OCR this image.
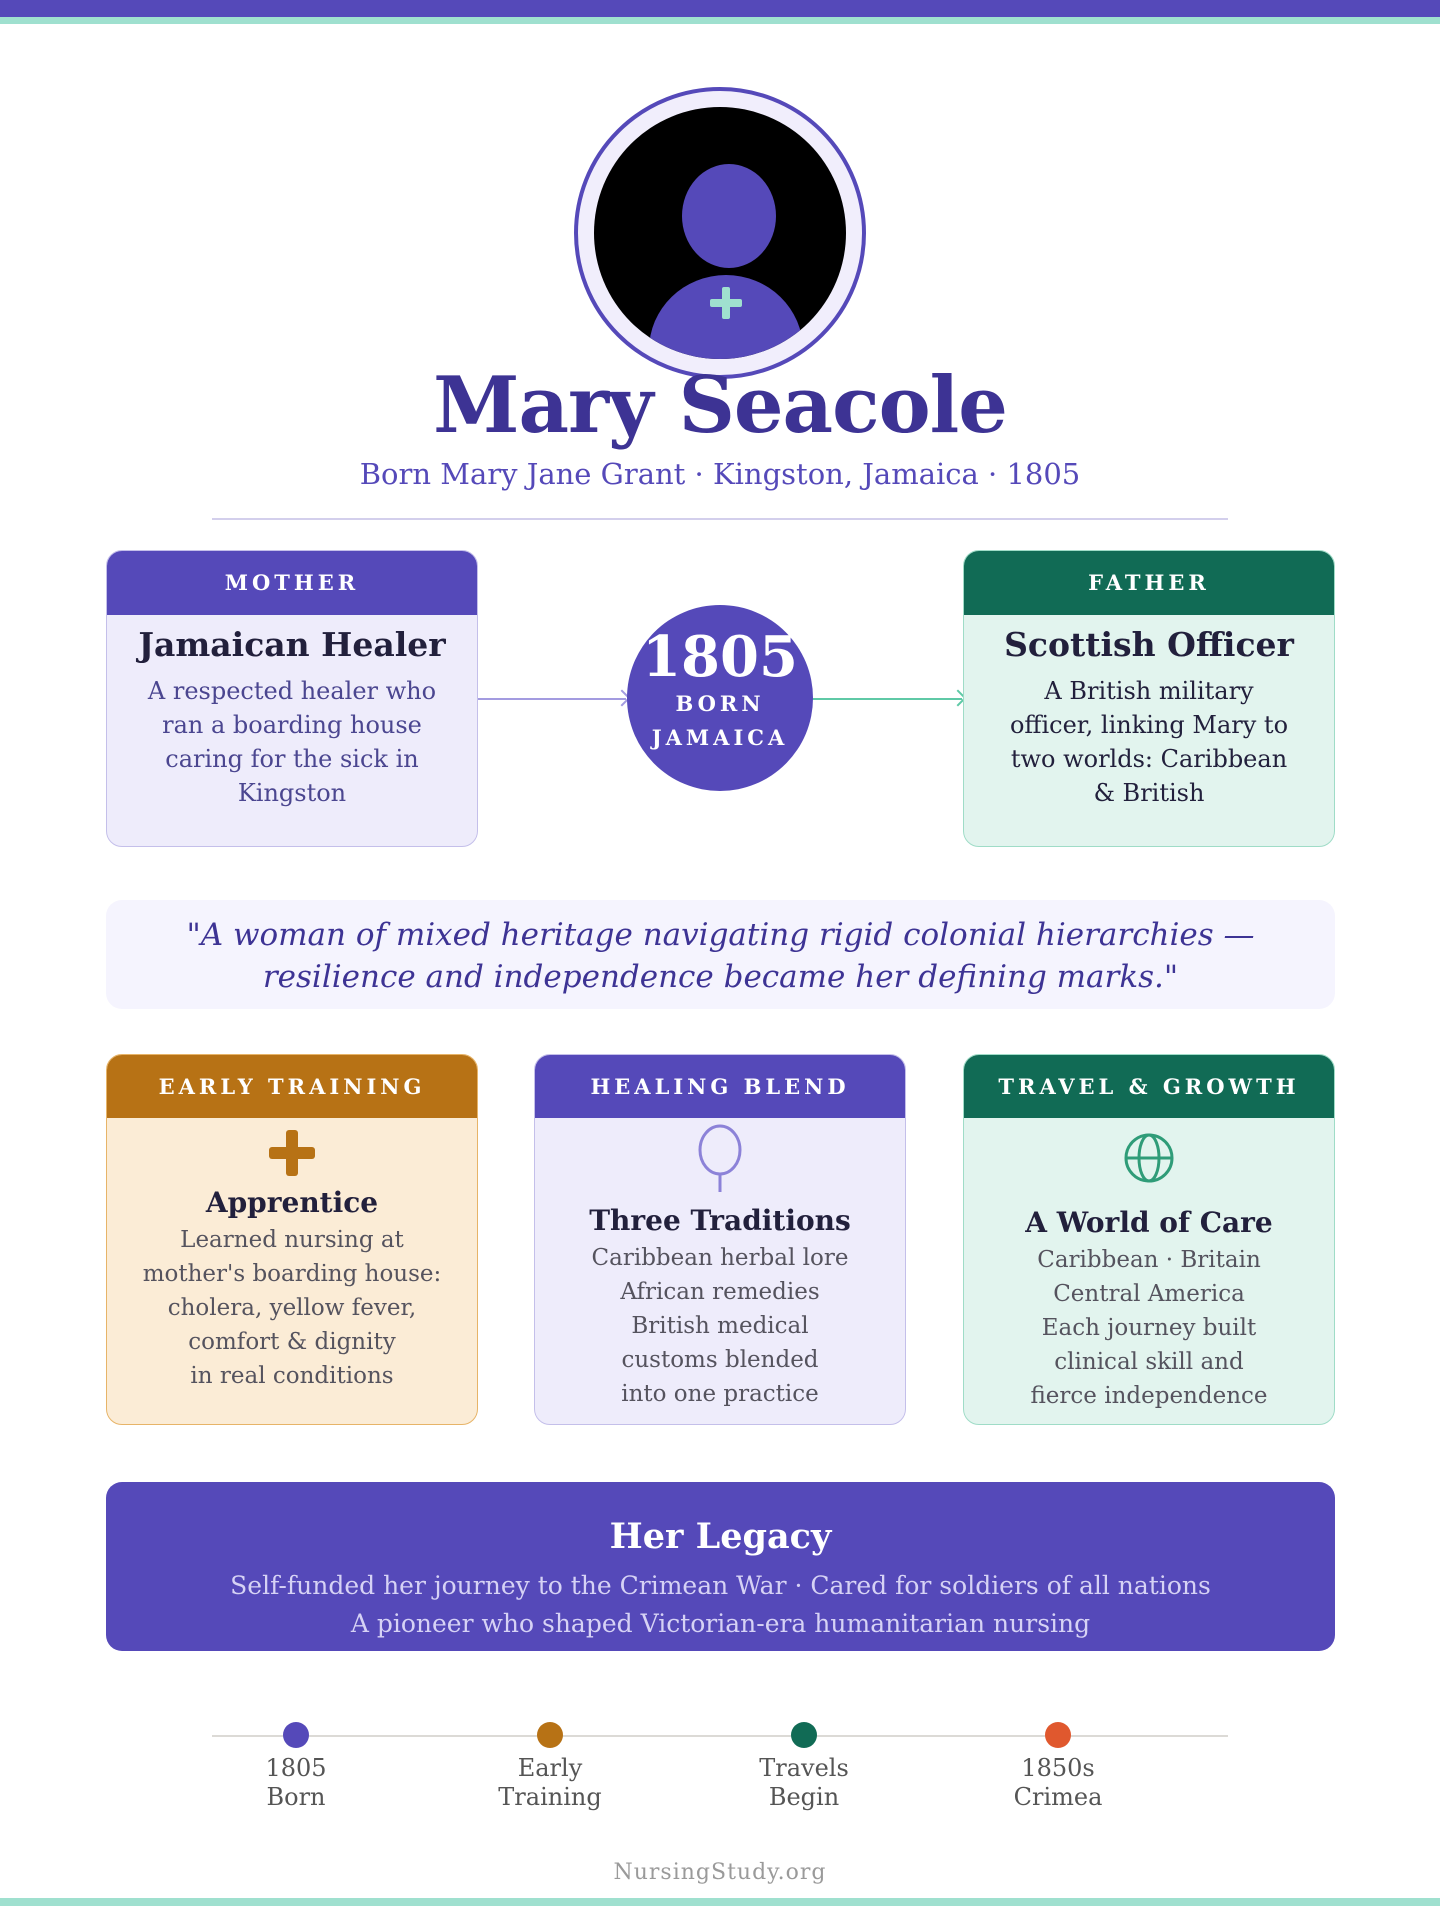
Mary Seacole
Born Mary Jane Grant · Kingston, Jamaica · 1805
MOTHER
Jamaican Healer
A respected healer who ran a boarding house caring for the sick in Kingston
1805
BORN
JAMAICA
FATHER
Scottish Officer
A British military officer, linking Mary to two worlds: Caribbean & British
"A woman of mixed heritage navigating rigid colonial hierarchies —
resilience and independence became her defining marks."
EARLY TRAINING
Apprentice
Learned nursing at
mother's boarding house:
cholera, yellow fever,
comfort & dignity
in real conditions
HEALING BLEND
Three Traditions
Caribbean herbal lore
African remedies
British medical
customs blended
into one practice
TRAVEL & GROWTH
A World of Care
Caribbean · Britain
Central America
Each journey built
clinical skill and
fierce independence
Her Legacy
Self-funded her journey to the Crimean War · Cared for soldiers of all nations
A pioneer who shaped Victorian-era humanitarian nursing
1805
Born
Early
Training
Travels
Begin
1850s
Crimea
NursingStudy.org
